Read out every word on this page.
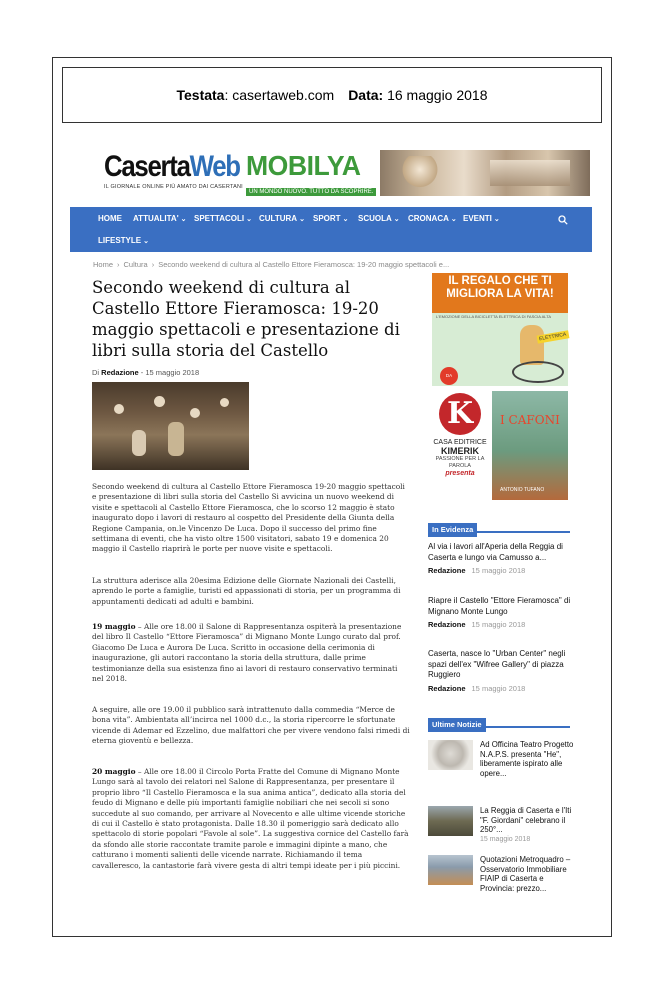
Testata: casertaweb.com Data: 16 maggio 2018
CasertaWeb
IL GIORNALE ONLINE PIÙ AMATO DAI CASERTANI
MOBILYA
UN MONDO NUOVO. TUTTO DA SCOPRIRE.
HOME ATTUALITA' ⌄ SPETTACOLI ⌄ CULTURA ⌄ SPORT ⌄ SCUOLA ⌄ CRONACA ⌄ EVENTI ⌄
LIFESTYLE ⌄
Home › Cultura › Secondo weekend di cultura al Castello Ettore Fieramosca: 19-20 maggio spettacoli e...
Secondo weekend di cultura al Castello Ettore Fieramosca: 19-20 maggio spettacoli e presentazione di libri sulla storia del Castello
Di Redazione - 15 maggio 2018
Secondo weekend di cultura al Castello Ettore Fieramosca 19-20 maggio spettacoli e presentazione di libri sulla storia del Castello Si avvicina un nuovo weekend di visite e spettacoli al Castello Ettore Fieramosca, che lo scorso 12 maggio è stato inaugurato dopo i lavori di restauro al cospetto del Presidente della Giunta della Regione Campania, on.le Vincenzo De Luca. Dopo il successo del primo fine settimana di eventi, che ha visto oltre 1500 visitatori, sabato 19 e domenica 20 maggio il Castello riaprirà le porte per nuove visite e spettacoli.
La struttura aderisce alla 20esima Edizione delle Giornate Nazionali dei Castelli, aprendo le porte a famiglie, turisti ed appassionati di storia, per un programma di appuntamenti dedicati ad adulti e bambini.
19 maggio – Alle ore 18.00 il Salone di Rappresentanza ospiterà la presentazione del libro Il Castello “Ettore Fieramosca” di Mignano Monte Lungo curato dal prof. Giacomo De Luca e Aurora De Luca. Scritto in occasione della cerimonia di inaugurazione, gli autori raccontano la storia della struttura, dalle prime testimonianze della sua esistenza fino ai lavori di restauro conservativo terminati nel 2018.
A seguire, alle ore 19.00 il pubblico sarà intrattenuto dalla commedia “Merce de bona vita”. Ambientata all’incirca nel 1000 d.c., la storia ripercorre le sfortunate vicende di Ademar ed Ezzelino, due malfattori che per vivere vendono falsi rimedi di eterna gioventù e bellezza.
20 maggio – Alle ore 18.00 il Circolo Porta Fratte del Comune di Mignano Monte Lungo sarà al tavolo dei relatori nel Salone di Rappresentanza, per presentare il proprio libro “Il Castello Fieramosca e la sua anima antica”, dedicato alla storia del feudo di Mignano e delle più importanti famiglie nobiliari che nei secoli si sono succedute al suo comando, per arrivare al Novecento e alle ultime vicende storiche di cui il Castello è stato protagonista. Dalle 18.30 il pomeriggio sarà dedicato allo spettacolo di storie popolari “Favole al sole”. La suggestiva cornice del Castello farà da sfondo alle storie raccontate tramite parole e immagini dipinte a mano, che catturano i momenti salienti delle vicende narrate. Richiamando il tema cavalleresco, la cantastorie farà vivere gesta di altri tempi ideate per i più piccini.
IL REGALO CHE TI MIGLIORA LA VITA!
L'EMOZIONE DELLA BICICLETTA ELETTRICA DI FASCIA ALTA
ELETTRICA
DA
K
CASA EDITRICE
KIMERIK
PASSIONE PER LA PAROLA
presenta
I CAFONI
ANTONIO TUFANO
In Evidenza
Al via i lavori all'Aperia della Reggia di Caserta e lungo via Camusso a...
Redazione 15 maggio 2018
Riapre il Castello "Ettore Fieramosca" di Mignano Monte Lungo
Redazione 15 maggio 2018
Caserta, nasce lo "Urban Center" negli spazi dell'ex "Wifree Gallery" di piazza Ruggiero
Redazione 15 maggio 2018
Ultime Notizie
Ad Officina Teatro Progetto N.A.P.S. presenta "He", liberamente ispirato alle opere...
La Reggia di Caserta e l'Iti "F. Giordani" celebrano il 250°...
15 maggio 2018
Quotazioni Metroquadro – Osservatorio Immobiliare FIAIP di Caserta e Provincia: prezzo...
